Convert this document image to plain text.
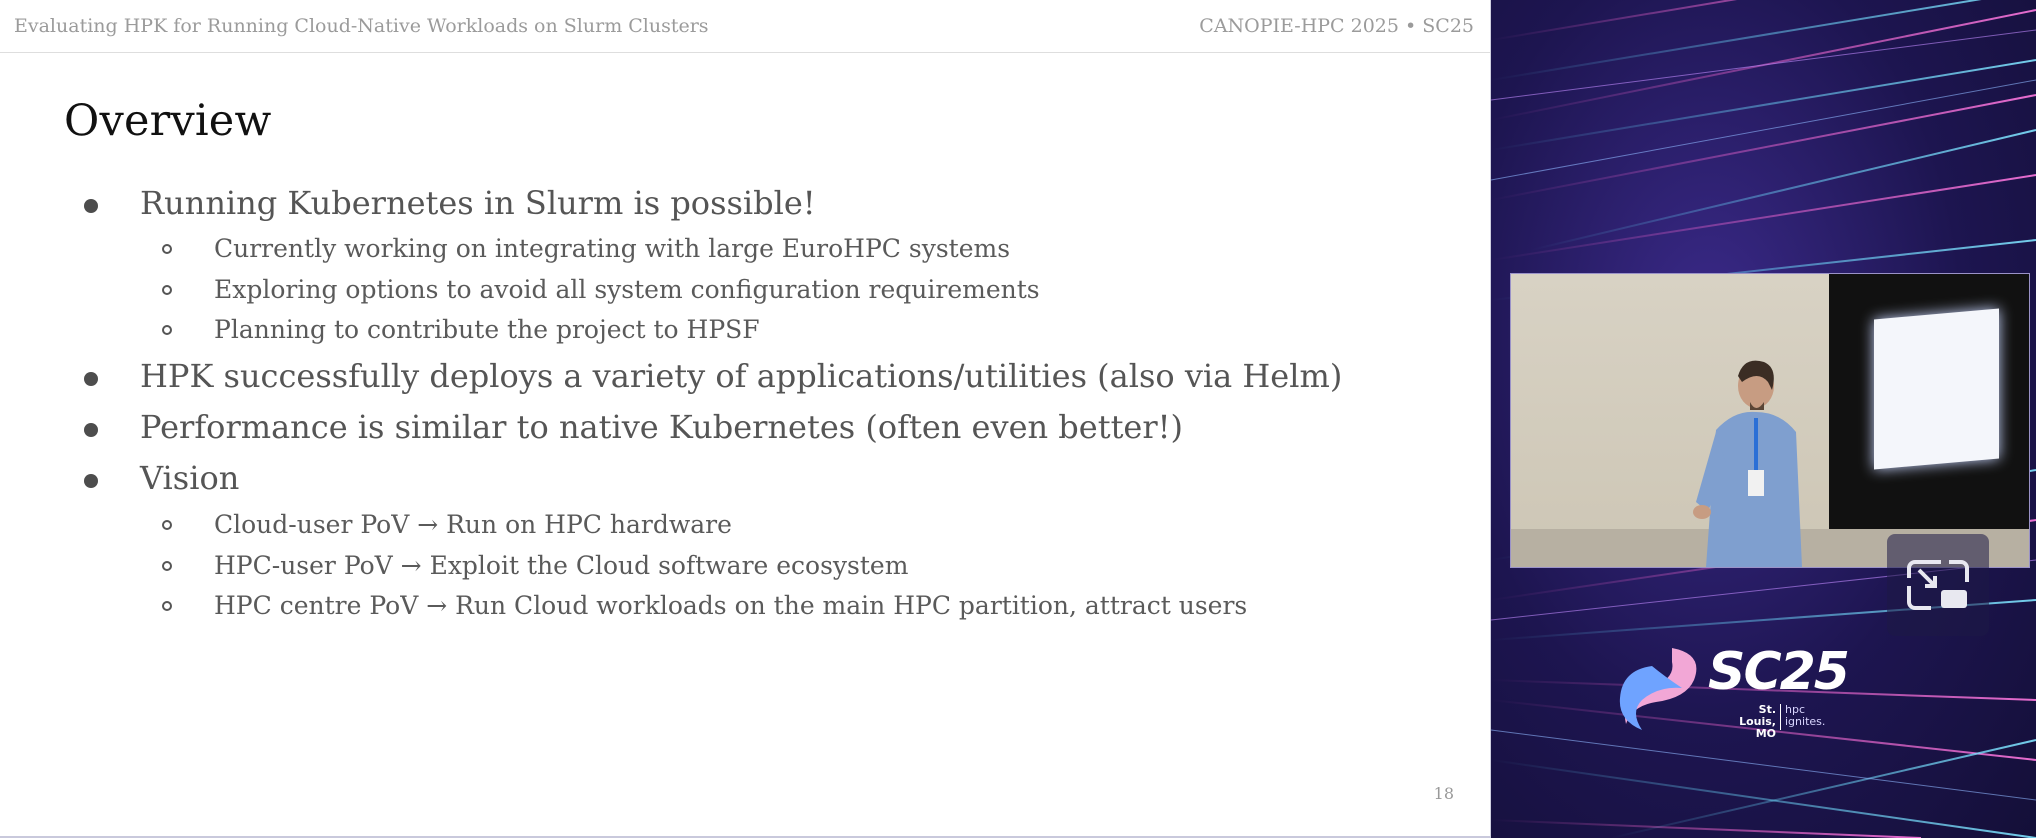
Evaluating HPK for Running Cloud-Native Workloads on Slurm Clusters	CANOPIE-HPC 2025 • SC25
Overview
Running Kubernetes in Slurm is possible!
Currently working on integrating with large EuroHPC systems
Exploring options to avoid all system configuration requirements
Planning to contribute the project to HPSF
HPK successfully deploys a variety of applications/utilities (also via Helm)
Performance is similar to native Kubernetes (often even better!)
Vision
Cloud-user PoV → Run on HPC hardware
HPC-user PoV → Exploit the Cloud software ecosystem
HPC centre PoV → Run Cloud workloads on the main HPC partition, attract users
18
SC25
St. Louis,
MO
hpc
ignites.
